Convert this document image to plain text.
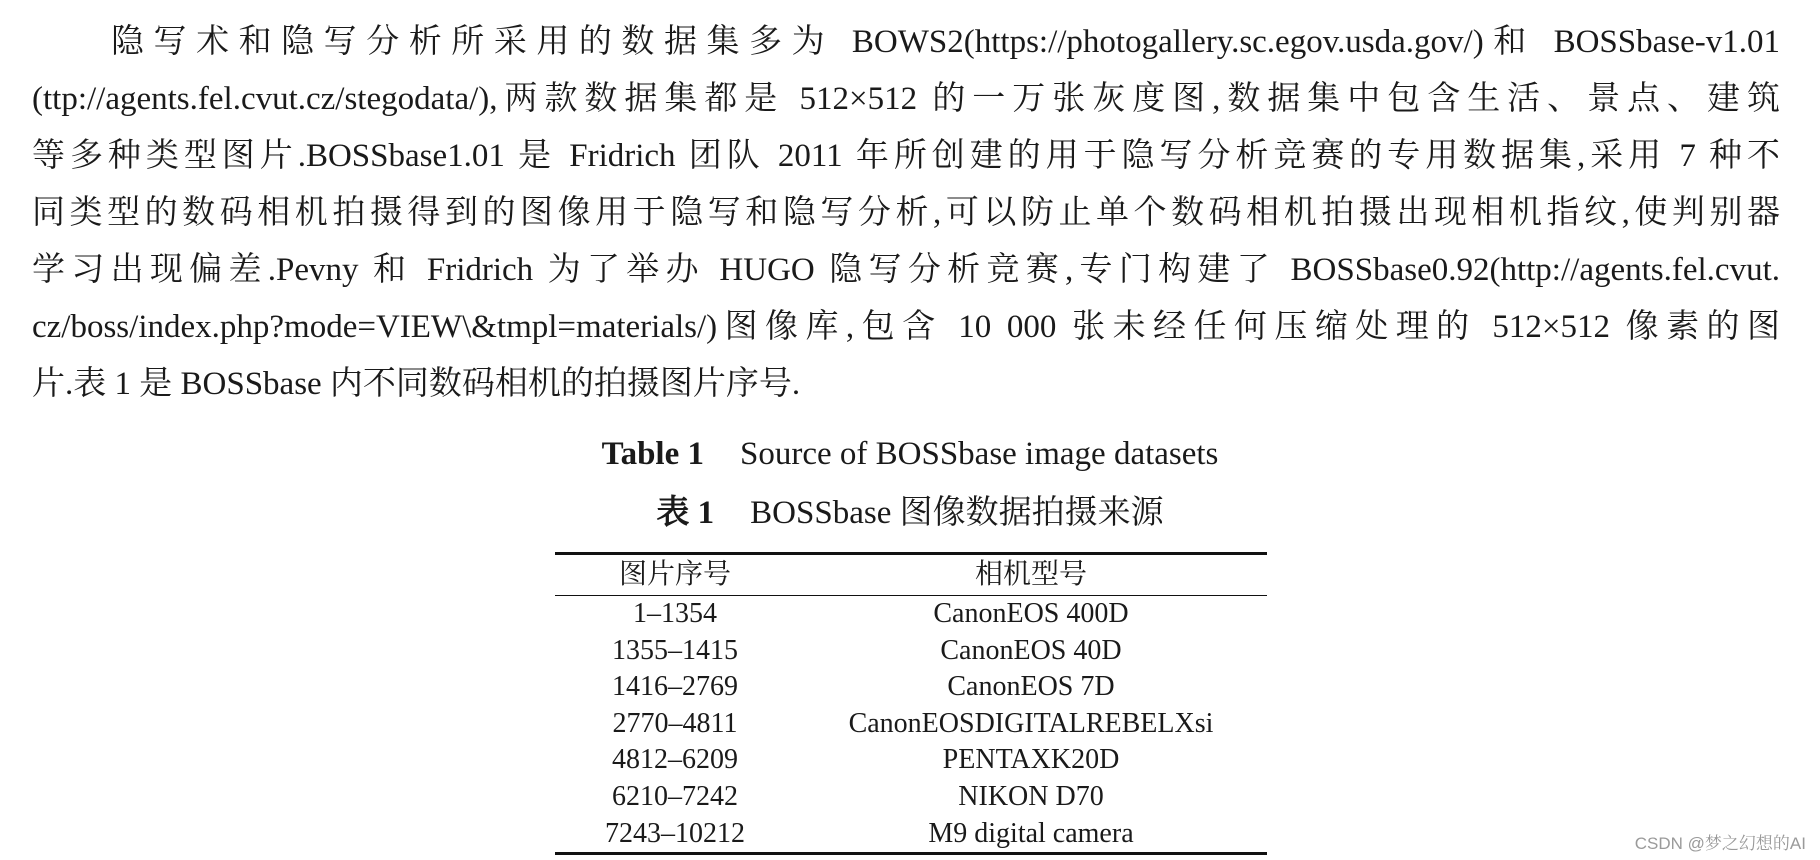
隐写术和隐写分析所采用的数据集多为 BOWS2(https://photogallery.sc.egov.usda.gov/)和 BOSSbase-v1.01
(ttp://agents.fel.cvut.cz/stegodata/),两款数据集都是 512×512 的一万张灰度图,数据集中包含生活、景点、建筑
等多种类型图片.BOSSbase1.01 是 Fridrich 团队 2011 年所创建的用于隐写分析竞赛的专用数据集,采用 7 种不
同类型的数码相机拍摄得到的图像用于隐写和隐写分析,可以防止单个数码相机拍摄出现相机指纹,使判别器
学习出现偏差.Pevny 和 Fridrich 为了举办 HUGO 隐写分析竞赛,专门构建了 BOSSbase0.92(http://agents.fel.cvut.
cz/boss/index.php?mode=VIEW\&tmpl=materials/)图像库,包含 10 000 张未经任何压缩处理的 512×512 像素的图
片.表 1 是 BOSSbase 内不同数码相机的拍摄图片序号.

Table 1 Source of BOSSbase image datasets
表 1 BOSSbase 图像数据拍摄来源
图片序号	相机型号
1–1354	CanonEOS 400D
1355–1415	CanonEOS 40D
1416–2769	CanonEOS 7D
2770–4811	CanonEOSDIGITALREBELXsi
4812–6209	PENTAXK20D
6210–7242	NIKON D70
7243–10212	M9 digital camera	CSDN @梦之幻想的AI
